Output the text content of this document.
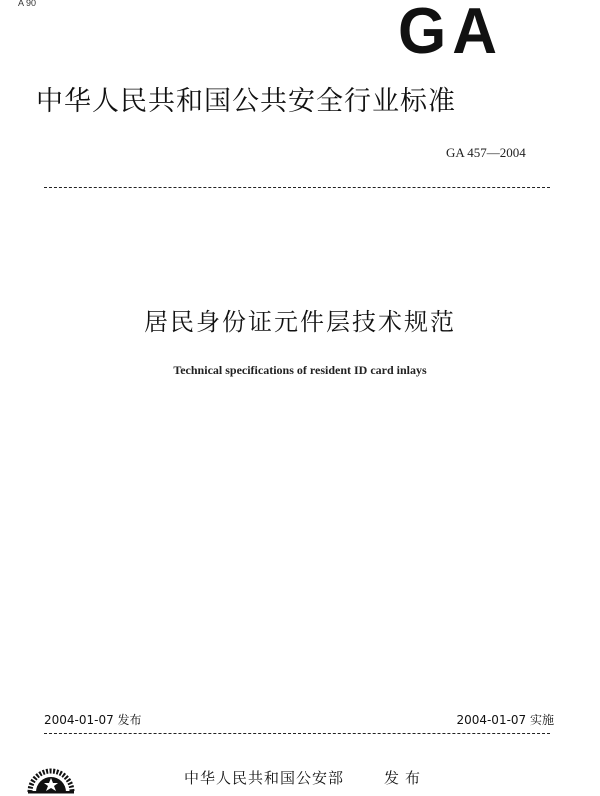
A 90	GA
中华人民共和国公共安全行业标准
GA 457—2004
居民身份证元件层技术规范

Technical specifications of resident ID card inlays

2004-01-07 发布	2004-01-07 实施
中华人民共和国公安部	发布
